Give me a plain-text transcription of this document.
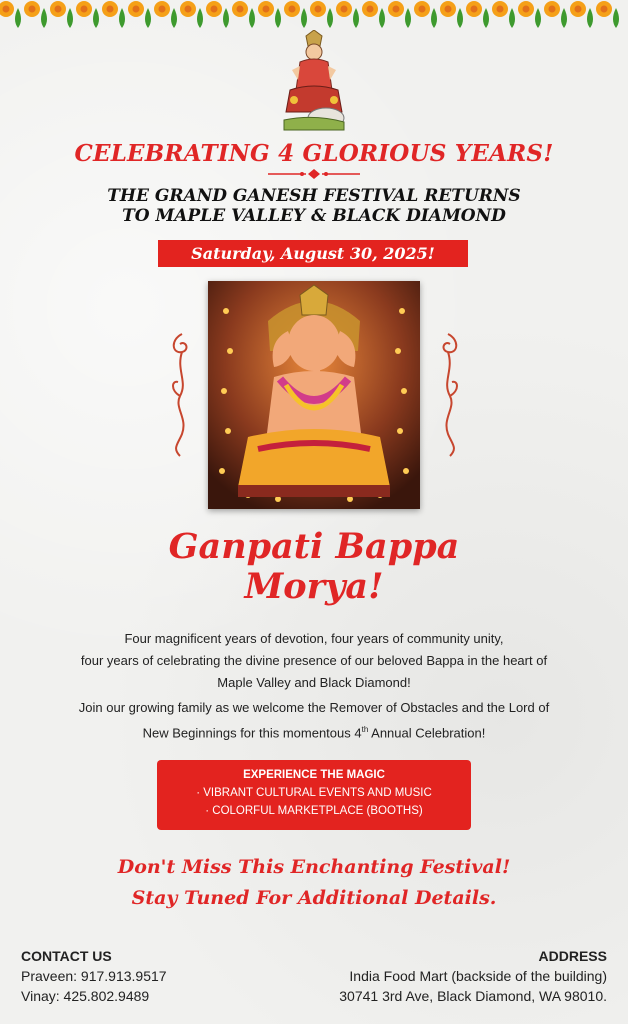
CELEBRATING 4 GLORIOUS YEARS!
THE GRAND GANESH FESTIVAL RETURNS
TO MAPLE VALLEY & BLACK DIAMOND
Saturday, August 30, 2025!
Ganpati Bappa
Morya!
Four magnificent years of devotion, four years of community unity,
four years of celebrating the divine presence of our beloved Bappa in the heart of
Maple Valley and Black Diamond!
Join our growing family as we welcome the Remover of Obstacles and the Lord of
New Beginnings for this momentous 4th Annual Celebration!
EXPERIENCE THE MAGIC
· VIBRANT CULTURAL EVENTS AND MUSIC
· COLORFUL MARKETPLACE (BOOTHS)
Don't Miss This Enchanting Festival!
Stay Tuned For Additional Details.
CONTACT US
Praveen: 917.913.9517
Vinay: 425.802.9489
ADDRESS
India Food Mart (backside of the building)
30741 3rd Ave, Black Diamond, WA 98010.
